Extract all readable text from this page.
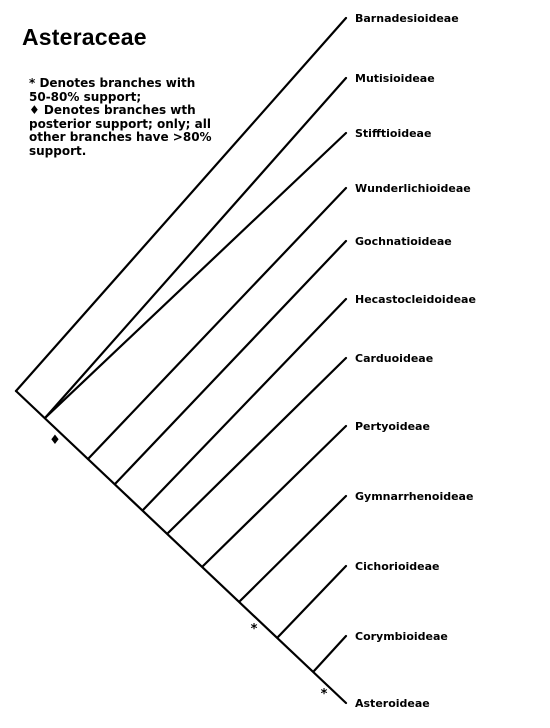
Asteraceae
* Denotes branches with 50-80% support;
♦ Denotes branches wth posterior support; only; all other branches have >80% support.
Barnadesioideae
Mutisioideae
Stifftioideae
Wunderlichioideae
Gochnatioideae
Hecastocleidoideae
Carduoideae
Pertyoideae
Gymnarrhenoideae
Cichorioideae
Corymbioideae
Asteroideae
♦
*
*
